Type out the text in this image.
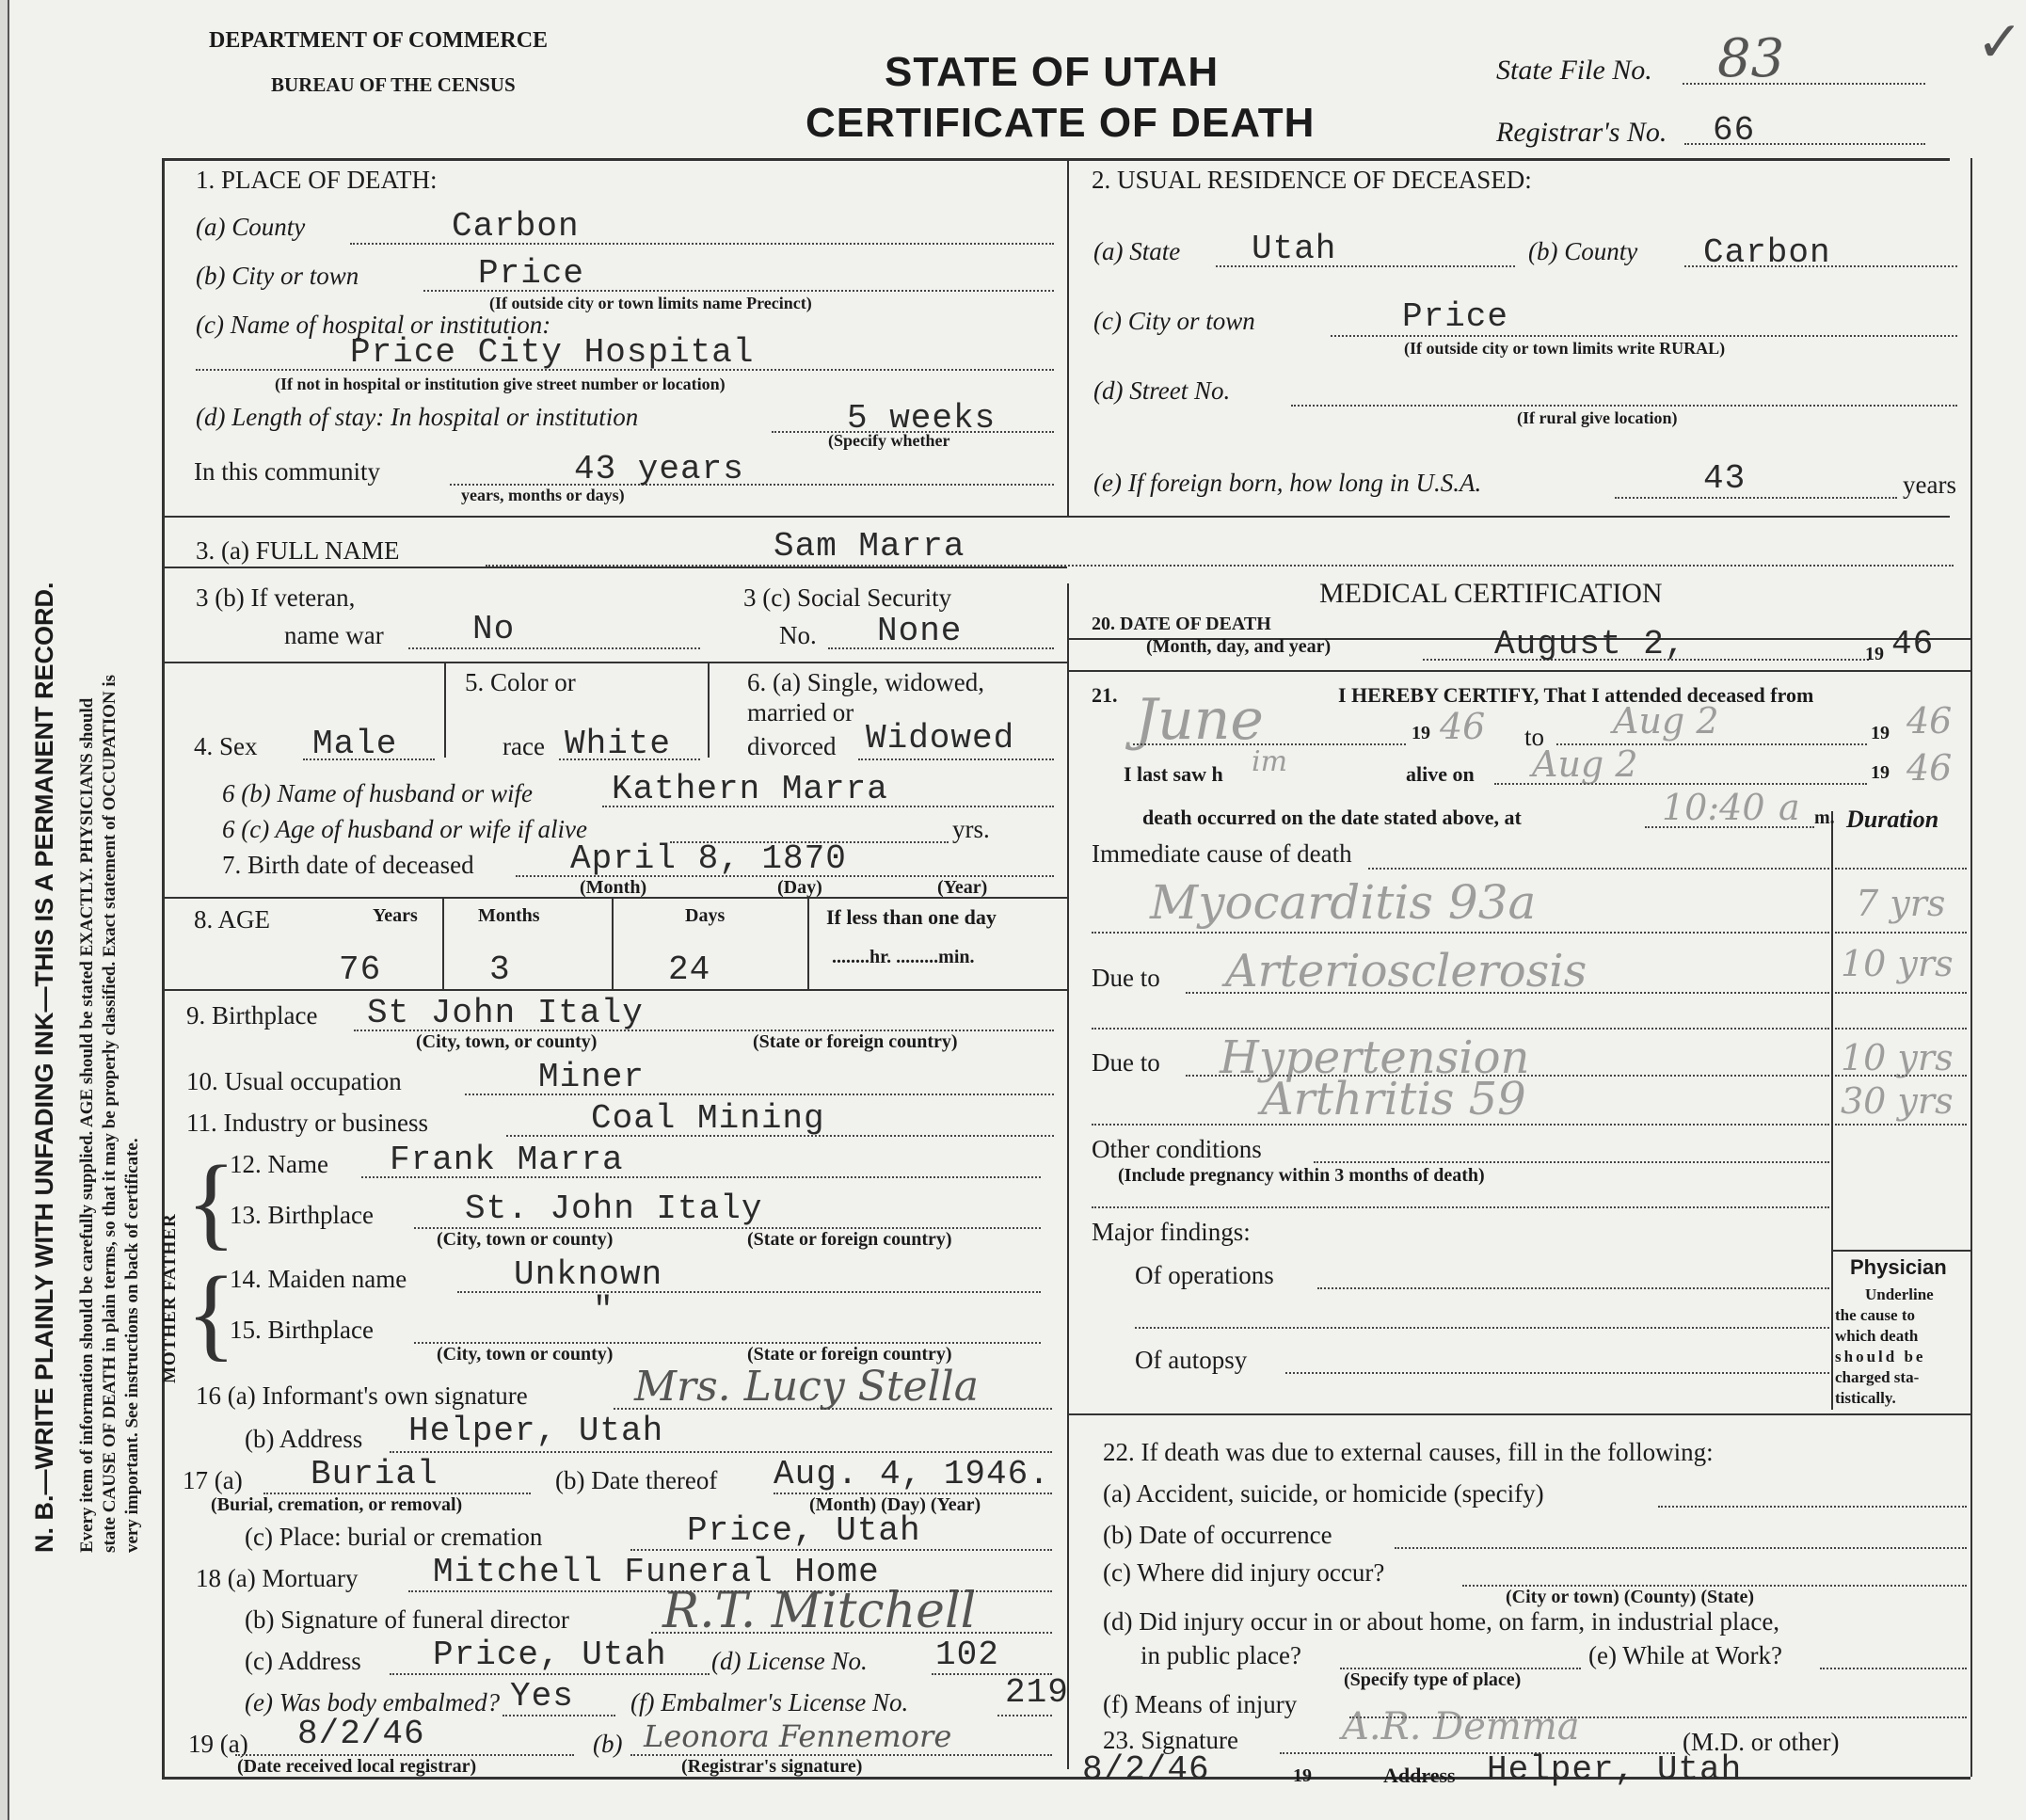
DEPARTMENT OF COMMERCE
BUREAU OF THE CENSUS	STATE OF UTAH
CERTIFICATE OF DEATH
State File No. 83
Registrar's No. 66
✓
N. B.—WRITE PLAINLY WITH UNFADING INK—THIS IS A PERMANENT RECORD. Every item of information should be carefully supplied. AGE should be stated EXACTLY. PHYSICIANS should state CAUSE OF DEATH in plain terms, so that it may be properly classified. Exact statement of OCCUPATION is very important. See instructions on back of certificate.
1. PLACE OF DEATH:
(a) County	Carbon
(b) City or town	Price
(If outside city or town limits name Precinct)
(c) Name of hospital or institution:
Price City Hospital
(If not in hospital or institution give street number or location)
(d) Length of stay: In hospital or institution	5 weeks
(Specify whether
In this community	43 years
years, months or days)
2. USUAL RESIDENCE OF DECEASED:
(a) State Utah	(b) County Carbon
(c) City or town	Price
(If outside city or town limits write RURAL)
(d) Street No.
(If rural give location)
(e) If foreign born, how long in U.S.A.	43	years
3. (a) FULL NAME	Sam Marra
3 (b) If veteran,
name war	No
3 (c) Social Security
No. None
5. Color or	6. (a) Single, widowed,
married or
4. Sex Male	race White	divorced Widowed
6 (b) Name of husband or wife Kathern Marra
6 (c) Age of husband or wife if alive	yrs.
7. Birth date of deceased	April 8, 1870
(Month)	(Day)	(Year)
8. AGE	Years	Months	Days	If less than one day
........hr. .........min.
76	3	24
9. Birthplace St John Italy
(City, town, or county)	(State or foreign country)
10. Usual occupation	Miner
11. Industry or business	Coal Mining
MOTHER FATHER
{
{
12. Name Frank Marra
13. Birthplace	St. John Italy
(City, town or county)	(State or foreign country)
14. Maiden name	Unknown
15. Birthplace	"
(City, town or county)	(State or foreign country)
16 (a) Informant's own signature	Mrs. Lucy Stella
(b) Address Helper, Utah
17 (a) Burial
(Burial, cremation, or removal)
(b) Date thereof Aug. 4, 1946.
(Month) (Day) (Year)
(c) Place: burial or cremation	Price, Utah
18 (a) Mortuary Mitchell Funeral Home
(b) Signature of funeral director R.T. Mitchell
(c) Address Price, Utah (d) License No. 102
(e) Was body embalmed? Yes (f) Embalmer's License No.	219
19 (a) 8/2/46
(Date received local registrar)
(b) Leonora Fennemore
(Registrar's signature)
MEDICAL CERTIFICATION
20. DATE OF DEATH
(Month, day, and year)	August 2,	19 46
21.	I HEREBY CERTIFY, That I attended deceased from
June	19 46 to Aug 2	19 46
I last saw h im	alive on Aug 2	19 46
death occurred on the date stated above, at	10:40 a m. Duration
Immediate cause of death
Myocarditis 93a	7 yrs
Due to Arteriosclerosis	10 yrs
Due to Hypertension	10 yrs
Arthritis 59	30 yrs
Other conditions
(Include pregnancy within 3 months of death)
Major findings:
Of operations
Of autopsy
Physician
Underline
the cause to
which death
should be
charged sta-
tistically.
22. If death was due to external causes, fill in the following:
(a) Accident, suicide, or homicide (specify)
(b) Date of occurrence
(c) Where did injury occur?
(City or town) (County) (State)
(d) Did injury occur in or about home, on farm, in industrial place,
in public place?
(Specify type of place)
(e) While at Work?
(f) Means of injury
23. Signature	A.R. Demma	(M.D. or other)
8/2/46	19	Address Helper, Utah
